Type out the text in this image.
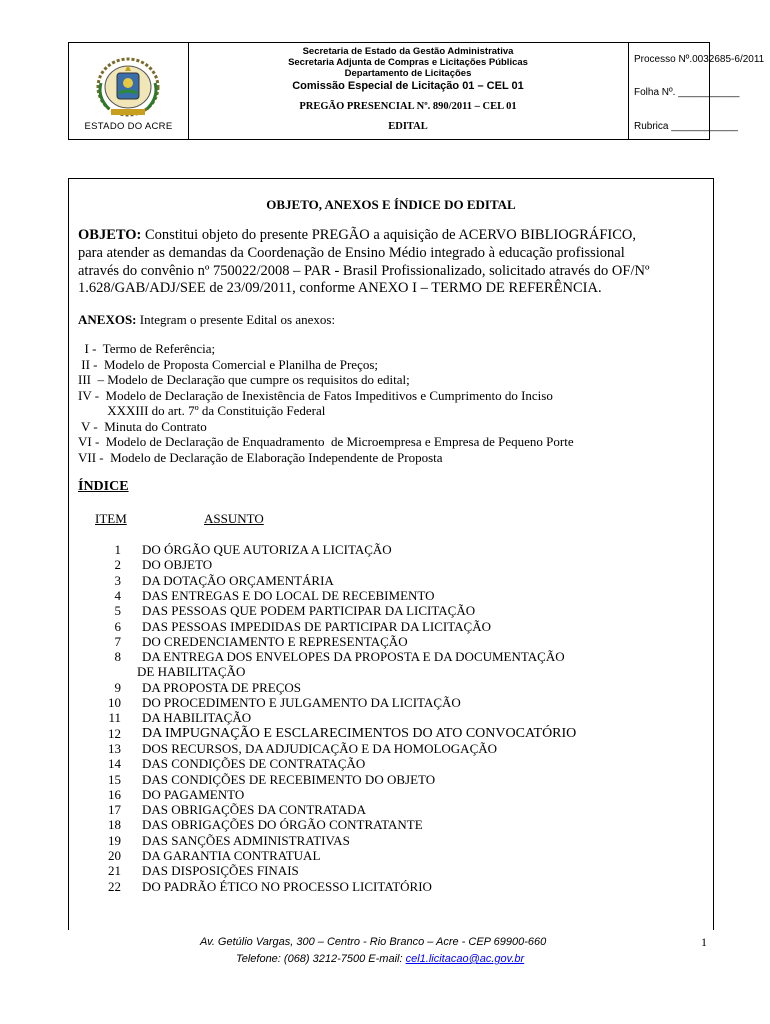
ESTADO DO ACRE
Secretaria de Estado da Gestão Administrativa
Secretaria Adjunta de Compras e Licitações Públicas
Departamento de Licitações
Comissão Especial de Licitação 01 – CEL 01
PREGÃO PRESENCIAL Nº. 890/2011 – CEL 01
EDITAL
Processo Nº.0032685-6/2011
Folha Nº. ___________
Rubrica ____________
OBJETO, ANEXOS E ÍNDICE DO EDITAL
OBJETO: Constitui objeto do presente PREGÃO a aquisição de ACERVO BIBLIOGRÁFICO,
para atender as demandas da Coordenação de Ensino Médio integrado à educação profissional
através do convênio nº 750022/2008 – PAR - Brasil Profissionalizado, solicitado através do OF/Nº
1.628/GAB/ADJ/SEE de 23/09/2011, conforme ANEXO I – TERMO DE REFERÊNCIA.
ANEXOS: Integram o presente Edital os anexos:
I -  Termo de Referência;
II -  Modelo de Proposta Comercial e Planilha de Preços;
III  – Modelo de Declaração que cumpre os requisitos do edital;
IV -  Modelo de Declaração de Inexistência de Fatos Impeditivos e Cumprimento do Inciso
XXXIII do art. 7º da Constituição Federal
V -  Minuta do Contrato
VI -  Modelo de Declaração de Enquadramento  de Microempresa e Empresa de Pequeno Porte
VII -  Modelo de Declaração de Elaboração Independente de Proposta
ÍNDICE
ITEM	ASSUNTO
1 DO ÓRGÃO QUE AUTORIZA A LICITAÇÃO
2 DO OBJETO
3 DA DOTAÇÃO ORÇAMENTÁRIA
4 DAS ENTREGAS E DO LOCAL DE RECEBIMENTO
5 DAS PESSOAS QUE PODEM PARTICIPAR DA LICITAÇÃO
6 DAS PESSOAS IMPEDIDAS DE PARTICIPAR DA LICITAÇÃO
7 DO CREDENCIAMENTO E REPRESENTAÇÃO
8 DA ENTREGA DOS ENVELOPES DA PROPOSTA E DA DOCUMENTAÇÃO
DE HABILITAÇÃO
9 DA PROPOSTA DE PREÇOS
10 DO PROCEDIMENTO E JULGAMENTO DA LICITAÇÃO
11 DA HABILITAÇÃO
12 DA IMPUGNAÇÃO E ESCLARECIMENTOS DO ATO CONVOCATÓRIO
13 DOS RECURSOS, DA ADJUDICAÇÃO E DA HOMOLOGAÇÃO
14 DAS CONDIÇÕES DE CONTRATAÇÃO
15 DAS CONDIÇÕES DE RECEBIMENTO DO OBJETO
16 DO PAGAMENTO
17 DAS OBRIGAÇÕES DA CONTRATADA
18 DAS OBRIGAÇÕES DO ÓRGÃO CONTRATANTE
19 DAS SANÇÕES ADMINISTRATIVAS
20 DA GARANTIA CONTRATUAL
21 DAS DISPOSIÇÕES FINAIS
22 DO PADRÃO ÉTICO NO PROCESSO LICITATÓRIO
Av. Getúlio Vargas, 300 – Centro - Rio Branco – Acre - CEP 69900-660
Telefone: (068) 3212-7500 E-mail: cel1.licitacao@ac.gov.br
1
